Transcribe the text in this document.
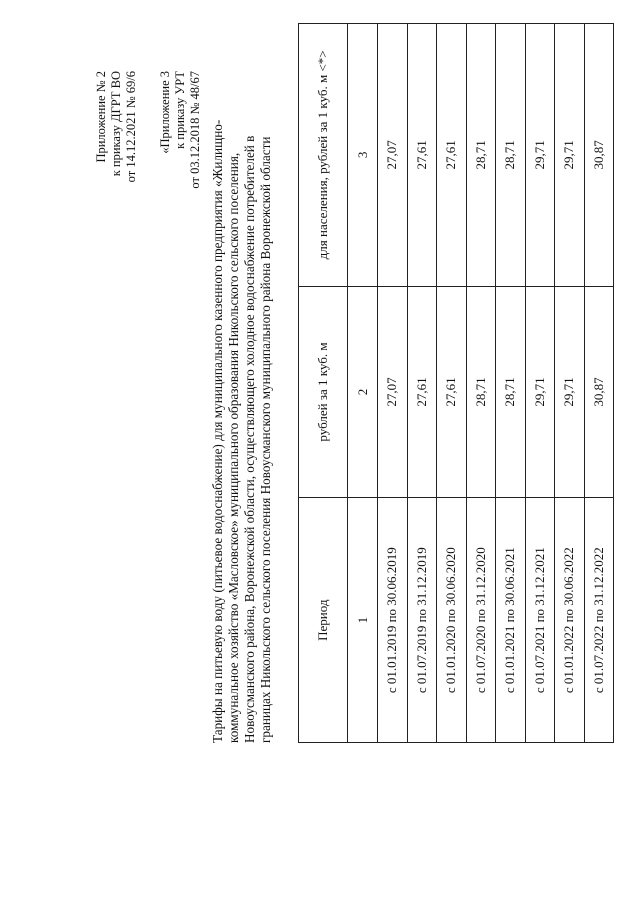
Приложение № 2 к приказу ДГРТ ВО от 14.12.2021 № 69/6 «Приложение 3 к приказу УРТ от 03.12.2018 № 48/67 Тарифы на питьевую воду (питьевое водоснабжение) для муниципального казенного предприятия «Жилищно- коммунальное хозяйство «Масловское» муниципального образования Никольского сельского поселения, Новоусманского района, Воронежской области, осуществляющего холодное водоснабжение потребителей в границах Никольского сельского поселения Новоусманского муниципального района Воронежской области	Период	рублей за 1 куб. м	для населения, рублей за 1 куб. м <*>
1	2	3
с 01.01.2019 по 30.06.2019	27,07	27,07
с 01.07.2019 по 31.12.2019	27,61	27,61
с 01.01.2020 по 30.06.2020	27,61	27,61
с 01.07.2020 по 31.12.2020	28,71	28,71
с 01.01.2021 по 30.06.2021	28,71	28,71
с 01.07.2021 по 31.12.2021	29,71	29,71
с 01.01.2022 по 30.06.2022	29,71	29,71
с 01.07.2022 по 31.12.2022	30,87	30,87
